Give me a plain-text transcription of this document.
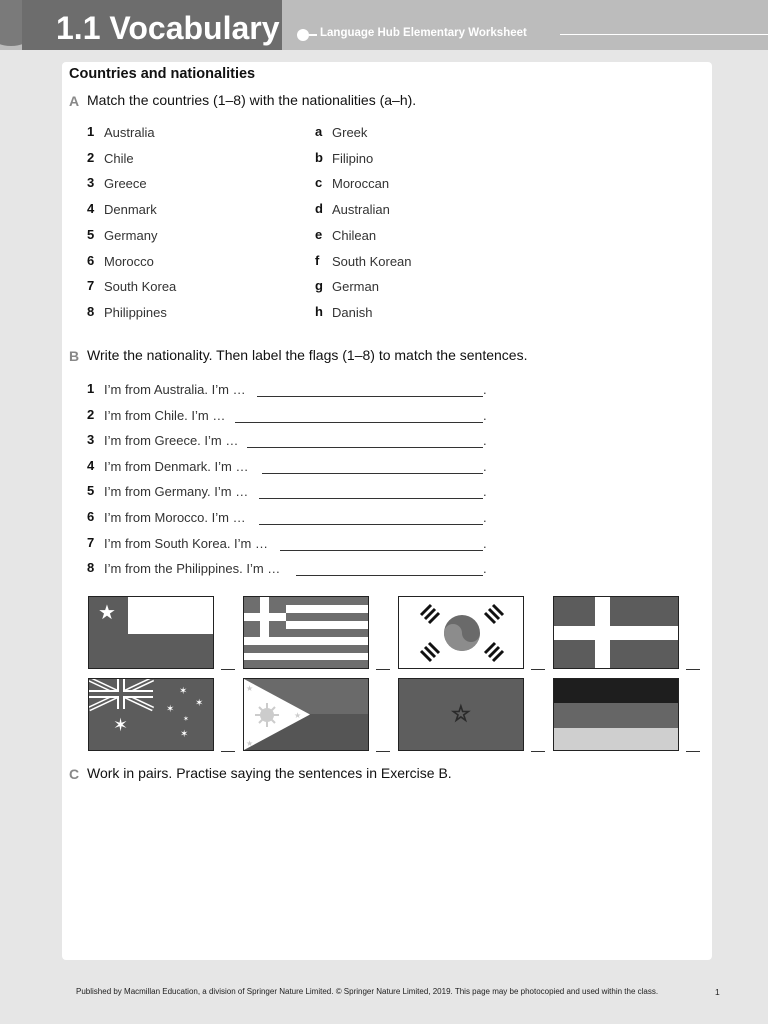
1.1 Vocabulary	Language Hub Elementary Worksheet
Countries and nationalities
A Match the countries (1–8) with the nationalities (a–h).
1 Australia
2 Chile
3 Greece
4 Denmark
5 Germany
6 Morocco
7 South Korea
8 Philippines
a Greek
b Filipino
c Moroccan
d Australian
e Chilean
f South Korean
g German
h Danish
B Write the nationality. Then label the flags (1–8) to match the sentences.
1 I’m from Australia. I’m …	.
2 I’m from Chile. I’m …	.
3 I’m from Greece. I’m …	.
4 I’m from Denmark. I’m …	.
5 I’m from Germany. I’m …	.
6 I’m from Morocco. I’m …	.
7 I’m from South Korea. I’m …	.
8 I’m from the Philippines. I’m …	.
★
✶
✶
✶
✶
✶
✶
★
★
★	☆
C Work in pairs. Practise saying the sentences in Exercise B.
Published by Macmillan Education, a division of Springer Nature Limited. © Springer Nature Limited, 2019. This page may be photocopied and used within the class.	1
